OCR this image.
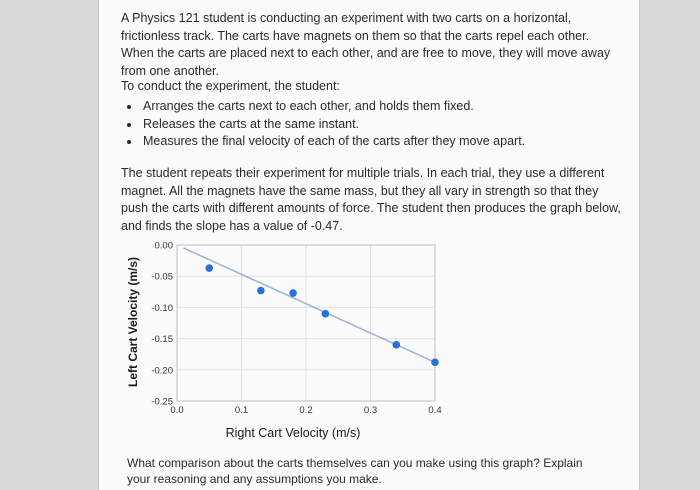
A Physics 121 student is conducting an experiment with two carts on a horizontal, frictionless track. The carts have magnets on them so that the carts repel each other. When the carts are placed next to each other, and are free to move, they will move away from one another.
To conduct the experiment, the student:
• Arranges the carts next to each other, and holds them fixed.
• Releases the carts at the same instant.
• Measures the final velocity of each of the carts after they move apart.
The student repeats their experiment for multiple trials. In each trial, they use a different magnet. All the magnets have the same mass, but they all vary in strength so that they push the carts with different amounts of force. The student then produces the graph below, and finds the slope has a value of -0.47.
0.0	0.1	0.2	0.3	0.4
0.00
-0.05
-0.10
-0.15
-0.20
-0.25
Right Cart Velocity (m/s)
Left Cart Velocity (m/s)
What comparison about the carts themselves can you make using this graph? Explain your reasoning and any assumptions you make.
